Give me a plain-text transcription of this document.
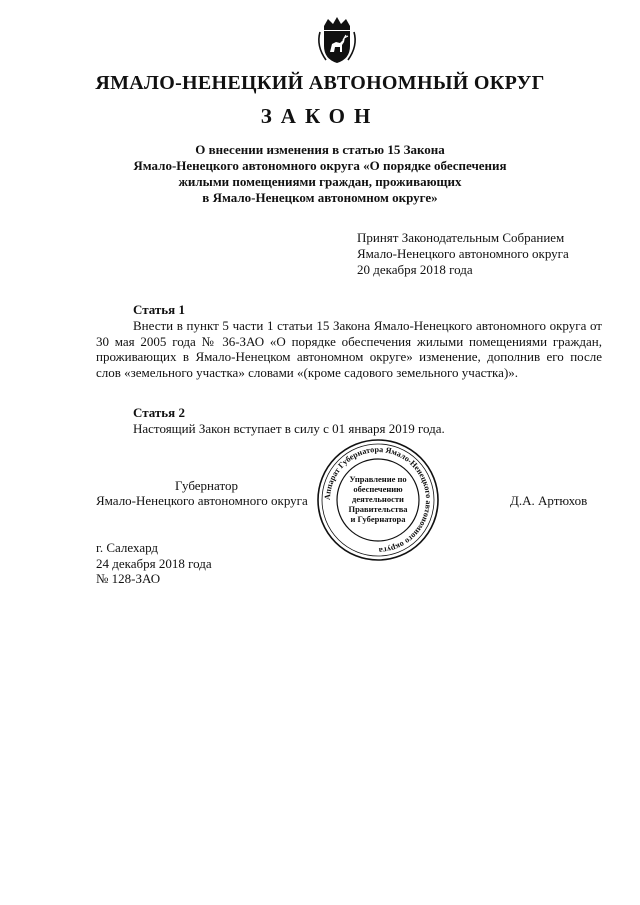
ЯМАЛО-НЕНЕЦКИЙ АВТОНОМНЫЙ ОКРУГ
ЗАКОН
О внесении изменения в статью 15 Закона
Ямало-Ненецкого автономного округа «О порядке обеспечения
жилыми помещениями граждан, проживающих
в Ямало-Ненецком автономном округе»
Принят Законодательным Собранием
Ямало-Ненецкого автономного округа
20 декабря 2018 года
Статья 1
Внести в пункт 5 части 1 статьи 15 Закона Ямало-Ненецкого автономного округа от 30 мая 2005 года № 36-ЗАО «О порядке обеспечения жилыми помещениями граждан, проживающих в Ямало-Ненецком автономном округе» изменение, дополнив его после слов «земельного участка» словами «(кроме садового земельного участка)».
Статья 2
Настоящий Закон вступает в силу с 01 января 2019 года.
Губернатор
Ямало-Ненецкого автономного округа	Д.А. Артюхов
Аппарат Губернатора Ямало-Ненецкого автономного округа
Управление по
обеспечению
деятельности
Правительства
и Губернатора
г. Салехард
24 декабря 2018 года
№ 128-ЗАО
